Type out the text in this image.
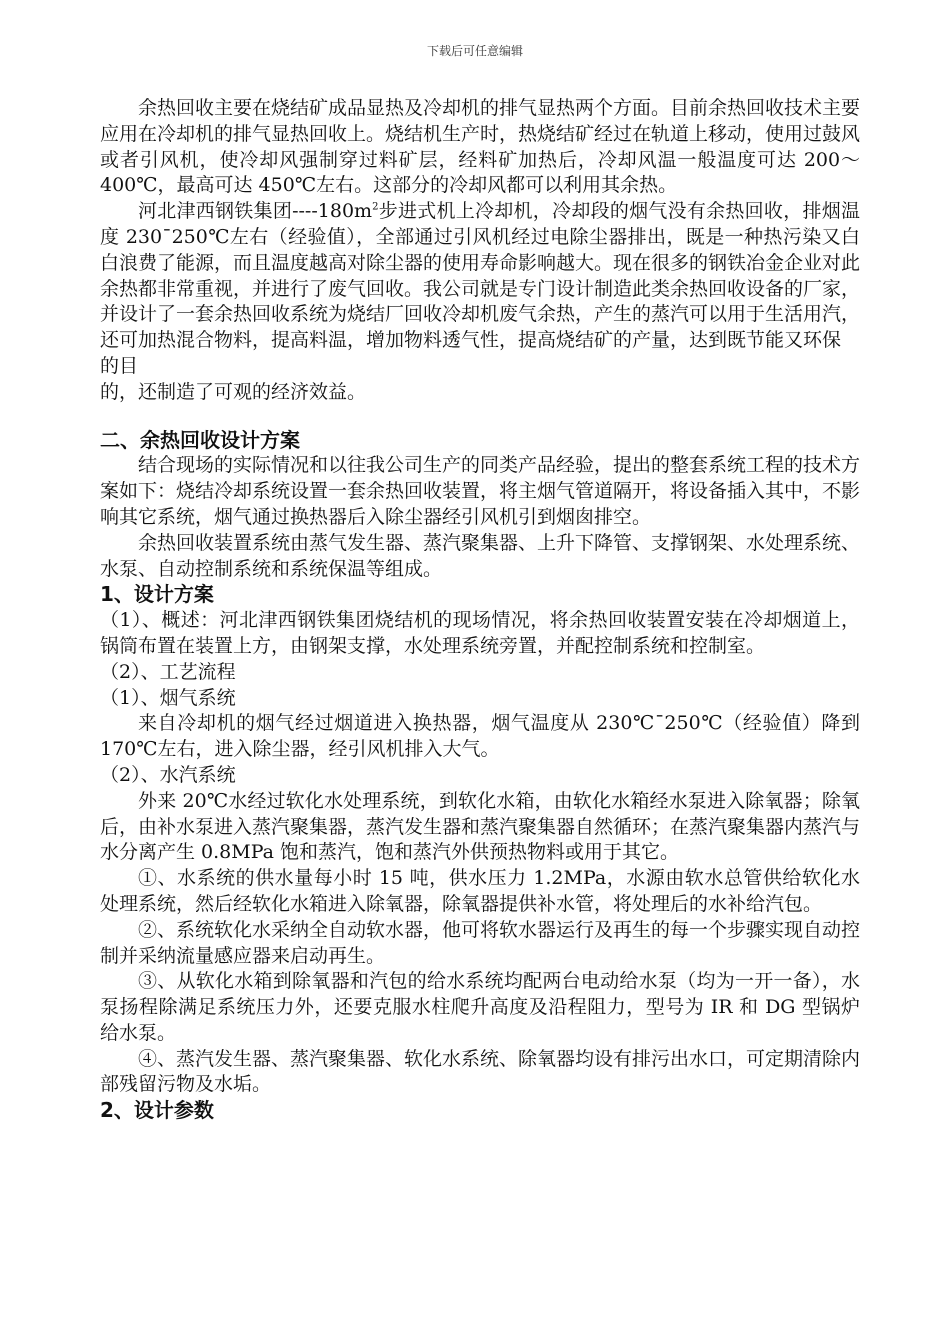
下载后可任意编辑

余热回收主要在烧结矿成品显热及冷却机的排气显热两个方面。目前余热回收技术主要应用在冷却机的排气显热回收上。烧结机生产时，热烧结矿经过在轨道上移动，使用过鼓风或者引风机，使冷却风强制穿过料矿层，经料矿加热后，冷却风温一般温度可达 200～400℃，最高可达 450℃左右。这部分的冷却风都可以利用其余热。

河北津西钢铁集团$----180m^2$步进式机上冷却机，冷却段的烟气没有余热回收，排烟温度 230¯250℃左右（经验值），全部通过引风机经过电除尘器排出，既是一种热污染又白白浪费了能源，而且温度越高对除尘器的使用寿命影响越大。现在很多的钢铁冶金企业对此余热都非常重视，并进行了废气回收。我公司就是专门设计制造此类余热回收设备的厂家，并设计了一套余热回收系统为烧结厂回收冷却机废气余热，产生的蒸汽可以用于生活用汽，还可加热混合物料，提高料温，增加物料透气性，提高烧结矿的产量，达到既节能又环保

的目

的，还制造了可观的经济效益。

二、余热回收设计方案

结合现场的实际情况和以往我公司生产的同类产品经验，提出的整套系统工程的技术方案如下：烧结冷却系统设置一套余热回收装置，将主烟气管道隔开，将设备插入其中，不影响其它系统，烟气通过换热器后入除尘器经引风机引到烟囱排空。

余热回收装置系统由蒸气发生器、蒸汽聚集器、上升下降管、支撑钢架、水处理系统、水泵、自动控制系统和系统保温等组成。

1、设计方案

（1）、概述：河北津西钢铁集团烧结机的现场情况，将余热回收装置安装在冷却烟道上，锅筒布置在装置上方，由钢架支撑，水处理系统旁置，并配控制系统和控制室。

（2）、工艺流程

（1）、烟气系统

来自冷却机的烟气经过烟道进入换热器，烟气温度从 230℃¯250℃（经验值）降到 170℃左右，进入除尘器，经引风机排入大气。

（2）、水汽系统

外来 20℃水经过软化水处理系统，到软化水箱，由软化水箱经水泵进入除氧器；除氧后，由补水泵进入蒸汽聚集器，蒸汽发生器和蒸汽聚集器自然循环；在蒸汽聚集器内蒸汽与水分离产生 0.8MPa 饱和蒸汽，饱和蒸汽外供预热物料或用于其它。

①、水系统的供水量每小时 15 吨，供水压力 1.2MPa，水源由软水总管供给软化水处理系统，然后经软化水箱进入除氧器，除氧器提供补水管，将处理后的水补给汽包。

②、系统软化水采纳全自动软水器，他可将软水器运行及再生的每一个步骤实现自动控制并采纳流量感应器来启动再生。

③、从软化水箱到除氧器和汽包的给水系统均配两台电动给水泵（均为一开一备），水泵扬程除满足系统压力外，还要克服水柱爬升高度及沿程阻力，型号为 IR 和 DG 型锅炉给水泵。

④、蒸汽发生器、蒸汽聚集器、软化水系统、除氧器均设有排污出水口，可定期清除内部残留污物及水垢。

2、设计参数
